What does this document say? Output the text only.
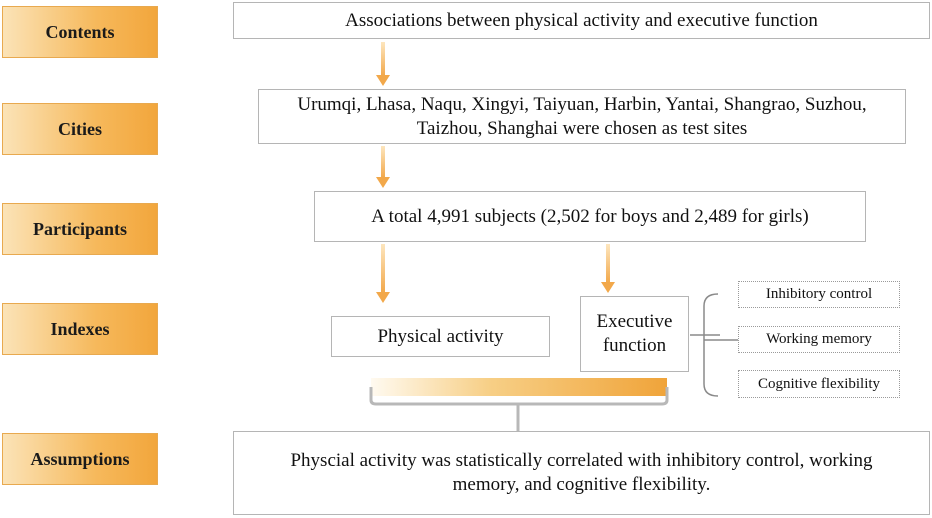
Contents
Cities
Participants
Indexes
Assumptions
Associations between physical activity and executive function
Urumqi, Lhasa, Naqu, Xingyi, Taiyuan, Harbin, Yantai, Shangrao, Suzhou,
Taizhou, Shanghai were chosen as test sites
A total 4,991 subjects (2,502 for boys and 2,489 for girls)
Physical activity
Executive
function
Inhibitory control
Working memory
Cognitive flexibility
Physcial activity was statistically correlated with inhibitory control, working
memory, and cognitive flexibility.
